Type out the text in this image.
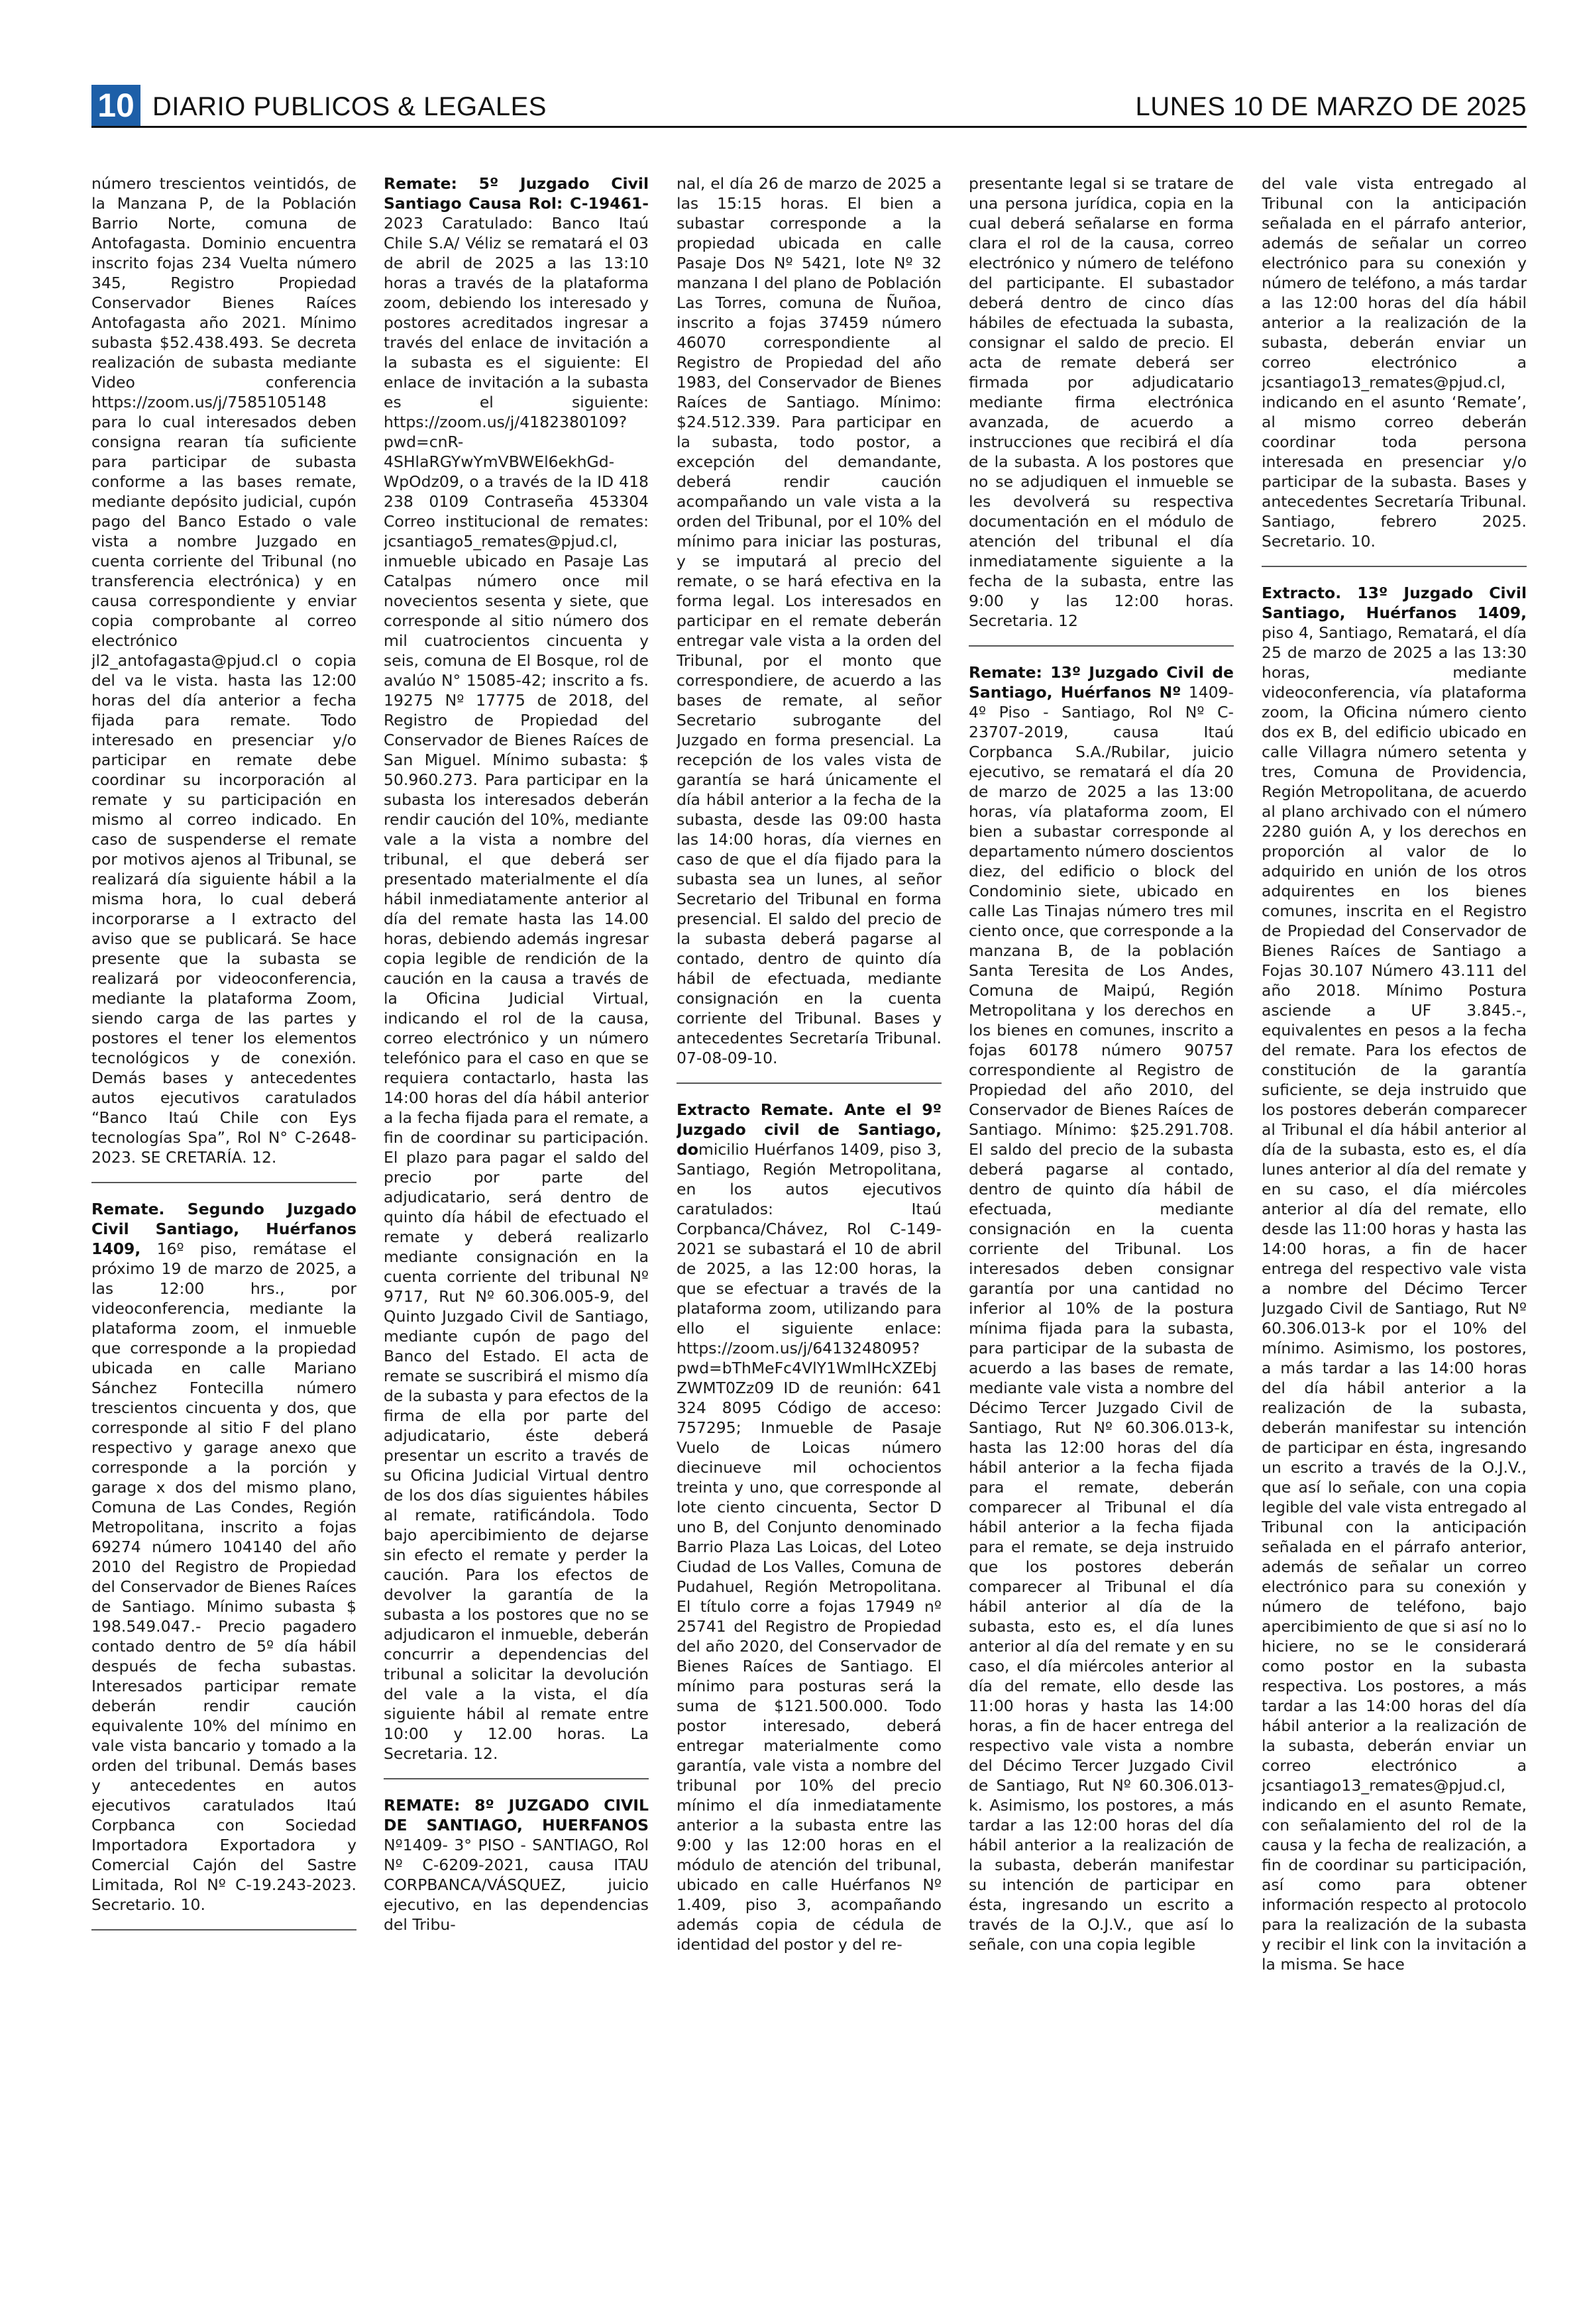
10 DIARIO PUBLICOS & LEGALES	LUNES 10 DE MARZO DE 2025

número trescientos veintidós, de la Manzana P, de la Población Barrio Norte, comuna de Antofagasta. Dominio encuentra inscrito fojas 234 Vuelta número 345, Registro Propiedad Conservador Bienes Raíces Antofagasta año 2021. Mínimo subasta $52.438.493. Se decreta realización de subasta mediante Video conferencia https://zoom.us/j/7585105148 para lo cual interesados deben consigna rearan tía suficiente para participar de subasta conforme a las bases remate, mediante depósito judicial, cupón pago del Banco Estado o vale vista a nombre Juzgado en cuenta corriente del Tribunal (no transferencia electrónica) y en causa correspondiente y enviar copia comprobante al correo electrónico jl2_antofagasta@pjud.cl o copia del va le vista. hasta las 12:00 horas del día anterior a fecha fijada para remate. Todo interesado en presenciar y/o participar en remate debe coordinar su incorporación al remate y su participación en mismo al correo indicado. En caso de suspenderse el remate por motivos ajenos al Tribunal, se realizará día siguiente hábil a la misma hora, lo cual deberá incorporarse a I extracto del aviso que se publicará. Se hace presente que la subasta se realizará por videoconferencia, mediante la plataforma Zoom, siendo carga de las partes y postores el tener los elementos tecnológicos y de conexión. Demás bases y antecedentes autos ejecutivos caratulados “Banco Itaú Chile con Eys tecnologías Spa”, Rol N° C-2648-2023. SE CRETARÍA. 12.

Remate. Segundo Juzgado Civil Santiago, Huérfanos 1409, 16º piso, remátase el próximo 19 de marzo de 2025, a las 12:00 hrs., por videoconferencia, mediante la plataforma zoom, el inmueble que corresponde a la propiedad ubicada en calle Mariano Sánchez Fontecilla número trescientos cincuenta y dos, que corresponde al sitio F del plano respectivo y garage anexo que corresponde a la porción y garage x dos del mismo plano, Comuna de Las Condes, Región Metropolitana, inscrito a fojas 69274 número 104140 del año 2010 del Registro de Propiedad del Conservador de Bienes Raíces de Santiago. Mínimo subasta $ 198.549.047.- Precio pagadero contado dentro de 5º día hábil después de fecha subastas. Interesados participar remate deberán rendir caución equivalente 10% del mínimo en vale vista bancario y tomado a la orden del tribunal. Demás bases y antecedentes en autos ejecutivos caratulados Itaú Corpbanca con Sociedad Importadora Exportadora y Comercial Cajón del Sastre Limitada, Rol Nº C-19.243-2023. Secretario. 10.

Remate: 5º Juzgado Civil Santiago Causa Rol: C-19461-2023 Caratulado: Banco Itaú Chile S.A/ Véliz se rematará el 03 de abril de 2025 a las 13:10 horas a través de la plataforma zoom, debiendo los interesado y postores acreditados ingresar a través del enlace de invitación a la subasta es el siguiente: El enlace de invitación a la subasta es el siguiente: https://zoom.us/j/4182380109?pwd=cnR-4SHlaRGYwYmVBWEl6ekhGd-WpOdz09, o a través de la ID 418 238 0109 Contraseña 453304 Correo institucional de remates: jcsantiago5_remates@pjud.cl, inmueble ubicado en Pasaje Las Catalpas número once mil novecientos sesenta y siete, que corresponde al sitio número dos mil cuatrocientos cincuenta y seis, comuna de El Bosque, rol de avalúo N° 15085-42; inscrito a fs. 19275 Nº 17775 de 2018, del Registro de Propiedad del Conservador de Bienes Raíces de San Miguel. Mínimo subasta: $ 50.960.273. Para participar en la subasta los interesados deberán rendir caución del 10%, mediante vale a la vista a nombre del tribunal, el que deberá ser presentado materialmente el día hábil inmediatamente anterior al día del remate hasta las 14.00 horas, debiendo además ingresar copia legible de rendición de la caución en la causa a través de la Oficina Judicial Virtual, indicando el rol de la causa, correo electrónico y un número telefónico para el caso en que se requiera contactarlo, hasta las 14:00 horas del día hábil anterior a la fecha fijada para el remate, a fin de coordinar su participación. El plazo para pagar el saldo del precio por parte del adjudicatario, será dentro de quinto día hábil de efectuado el remate y deberá realizarlo mediante consignación en la cuenta corriente del tribunal Nº 9717, Rut Nº 60.306.005-9, del Quinto Juzgado Civil de Santiago, mediante cupón de pago del Banco del Estado. El acta de remate se suscribirá el mismo día de la subasta y para efectos de la firma de ella por parte del adjudicatario, éste deberá presentar un escrito a través de su Oficina Judicial Virtual dentro de los dos días siguientes hábiles al remate, ratificándola. Todo bajo apercibimiento de dejarse sin efecto el remate y perder la caución. Para los efectos de devolver la garantía de la subasta a los postores que no se adjudicaron el inmueble, deberán concurrir a dependencias del tribunal a solicitar la devolución del vale a la vista, el día siguiente hábil al remate entre 10:00 y 12.00 horas. La Secretaria. 12.

REMATE: 8º JUZGADO CIVIL DE SANTIAGO, HUERFANOS Nº1409- 3° PISO - SANTIAGO, Rol Nº C-6209-2021, causa ITAU CORPBANCA/VÁSQUEZ, juicio ejecutivo, en las dependencias del Tribu-

nal, el día 26 de marzo de 2025 a las 15:15 horas. El bien a subastar corresponde a la propiedad ubicada en calle Pasaje Dos Nº 5421, lote Nº 32 manzana I del plano de Población Las Torres, comuna de Ñuñoa, inscrito a fojas 37459 número 46070 correspondiente al Registro de Propiedad del año 1983, del Conservador de Bienes Raíces de Santiago. Mínimo: $24.512.339. Para participar en la subasta, todo postor, a excepción del demandante, deberá rendir caución acompañando un vale vista a la orden del Tribunal, por el 10% del mínimo para iniciar las posturas, y se imputará al precio del remate, o se hará efectiva en la forma legal. Los interesados en participar en el remate deberán entregar vale vista a la orden del Tribunal, por el monto que correspondiere, de acuerdo a las bases de remate, al señor Secretario subrogante del Juzgado en forma presencial. La recepción de los vales vista de garantía se hará únicamente el día hábil anterior a la fecha de la subasta, desde las 09:00 hasta las 14:00 horas, día viernes en caso de que el día fijado para la subasta sea un lunes, al señor Secretario del Tribunal en forma presencial. El saldo del precio de la subasta deberá pagarse al contado, dentro de quinto día hábil de efectuada, mediante consignación en la cuenta corriente del Tribunal. Bases y antecedentes Secretaría Tribunal. 07-08-09-10.

Extracto Remate. Ante el 9º Juzgado civil de Santiago, domicilio Huérfanos 1409, piso 3, Santiago, Región Metropolitana, en los autos ejecutivos caratulados: Itaú Corpbanca/Chávez, Rol C-149-2021 se subastará el 10 de abril de 2025, a las 12:00 horas, la que se efectuar a través de la plataforma zoom, utilizando para ello el siguiente enlace: https://zoom.us/j/6413248095?pwd=bThMeFc4VlY1WmlHcXZEbjZWMT0Zz09 ID de reunión: 641 324 8095 Código de acceso: 757295; Inmueble de Pasaje Vuelo de Loicas número diecinueve mil ochocientos treinta y uno, que corresponde al lote ciento cincuenta, Sector D uno B, del Conjunto denominado Barrio Plaza Las Loicas, del Loteo Ciudad de Los Valles, Comuna de Pudahuel, Región Metropolitana. El título corre a fojas 17949 nº 25741 del Registro de Propiedad del año 2020, del Conservador de Bienes Raíces de Santiago. El mínimo para posturas será la suma de $121.500.000. Todo postor interesado, deberá entregar materialmente como garantía, vale vista a nombre del tribunal por 10% del precio mínimo el día inmediatamente anterior a la subasta entre las 9:00 y las 12:00 horas en el módulo de atención del tribunal, ubicado en calle Huérfanos Nº 1.409, piso 3, acompañando además copia de cédula de identidad del postor y del re-

presentante legal si se tratare de una persona jurídica, copia en la cual deberá señalarse en forma clara el rol de la causa, correo electrónico y número de teléfono del participante. El subastador deberá dentro de cinco días hábiles de efectuada la subasta, consignar el saldo de precio. El acta de remate deberá ser firmada por adjudicatario mediante firma electrónica avanzada, de acuerdo a instrucciones que recibirá el día de la subasta. A los postores que no se adjudiquen el inmueble se les devolverá su respectiva documentación en el módulo de atención del tribunal el día inmediatamente siguiente a la fecha de la subasta, entre las 9:00 y las 12:00 horas. Secretaria. 12

Remate: 13º Juzgado Civil de Santiago, Huérfanos Nº 1409- 4º Piso - Santiago, Rol Nº C-23707-2019, causa Itaú Corpbanca S.A./Rubilar, juicio ejecutivo, se rematará el día 20 de marzo de 2025 a las 13:00 horas, vía plataforma zoom, El bien a subastar corresponde al departamento número doscientos diez, del edificio o block del Condominio siete, ubicado en calle Las Tinajas número tres mil ciento once, que corresponde a la manzana B, de la población Santa Teresita de Los Andes, Comuna de Maipú, Región Metropolitana y los derechos en los bienes en comunes, inscrito a fojas 60178 número 90757 correspondiente al Registro de Propiedad del año 2010, del Conservador de Bienes Raíces de Santiago. Mínimo: $25.291.708. El saldo del precio de la subasta deberá pagarse al contado, dentro de quinto día hábil de efectuada, mediante consignación en la cuenta corriente del Tribunal. Los interesados deben consignar garantía por una cantidad no inferior al 10% de la postura mínima fijada para la subasta, para participar de la subasta de acuerdo a las bases de remate, mediante vale vista a nombre del Décimo Tercer Juzgado Civil de Santiago, Rut Nº 60.306.013-k, hasta las 12:00 horas del día hábil anterior a la fecha fijada para el remate, deberán comparecer al Tribunal el día hábil anterior a la fecha fijada para el remate, se deja instruido que los postores deberán comparecer al Tribunal el día hábil anterior al día de la subasta, esto es, el día lunes anterior al día del remate y en su caso, el día miércoles anterior al día del remate, ello desde las 11:00 horas y hasta las 14:00 horas, a fin de hacer entrega del respectivo vale vista a nombre del Décimo Tercer Juzgado Civil de Santiago, Rut Nº 60.306.013-k. Asimismo, los postores, a más tardar a las 12:00 horas del día hábil anterior a la realización de la subasta, deberán manifestar su intención de participar en ésta, ingresando un escrito a través de la O.J.V., que así lo señale, con una copia legible

del vale vista entregado al Tribunal con la anticipación señalada en el párrafo anterior, además de señalar un correo electrónico para su conexión y número de teléfono, a más tardar a las 12:00 horas del día hábil anterior a la realización de la subasta, deberán enviar un correo electrónico a jcsantiago13_remates@pjud.cl, indicando en el asunto ‘Remate’, al mismo correo deberán coordinar toda persona interesada en presenciar y/o participar de la subasta. Bases y antecedentes Secretaría Tribunal. Santiago, febrero 2025. Secretario. 10.

Extracto. 13º Juzgado Civil Santiago, Huérfanos 1409, piso 4, Santiago, Rematará, el día 25 de marzo de 2025 a las 13:30 horas, mediante videoconferencia, vía plataforma zoom, la Oficina número ciento dos ex B, del edificio ubicado en calle Villagra número setenta y tres, Comuna de Providencia, Región Metropolitana, de acuerdo al plano archivado con el número 2280 guión A, y los derechos en proporción al valor de lo adquirido en unión de los otros adquirentes en los bienes comunes, inscrita en el Registro de Propiedad del Conservador de Bienes Raíces de Santiago a Fojas 30.107 Número 43.111 del año 2018. Mínimo Postura asciende a UF 3.845.-, equivalentes en pesos a la fecha del remate. Para los efectos de constitución de la garantía suficiente, se deja instruido que los postores deberán comparecer al Tribunal el día hábil anterior al día de la subasta, esto es, el día lunes anterior al día del remate y en su caso, el día miércoles anterior al día del remate, ello desde las 11:00 horas y hasta las 14:00 horas, a fin de hacer entrega del respectivo vale vista a nombre del Décimo Tercer Juzgado Civil de Santiago, Rut Nº 60.306.013-k por el 10% del mínimo. Asimismo, los postores, a más tardar a las 14:00 horas del día hábil anterior a la realización de la subasta, deberán manifestar su intención de participar en ésta, ingresando un escrito a través de la O.J.V., que así lo señale, con una copia legible del vale vista entregado al Tribunal con la anticipación señalada en el párrafo anterior, además de señalar un correo electrónico para su conexión y número de teléfono, bajo apercibimiento de que si así no lo hiciere, no se le considerará como postor en la subasta respectiva. Los postores, a más tardar a las 14:00 horas del día hábil anterior a la realización de la subasta, deberán enviar un correo electrónico a jcsantiago13_remates@pjud.cl, indicando en el asunto Remate, con señalamiento del rol de la causa y la fecha de realización, a fin de coordinar su participación, así como para obtener información respecto al protocolo para la realización de la subasta y recibir el link con la invitación a la misma. Se hace
